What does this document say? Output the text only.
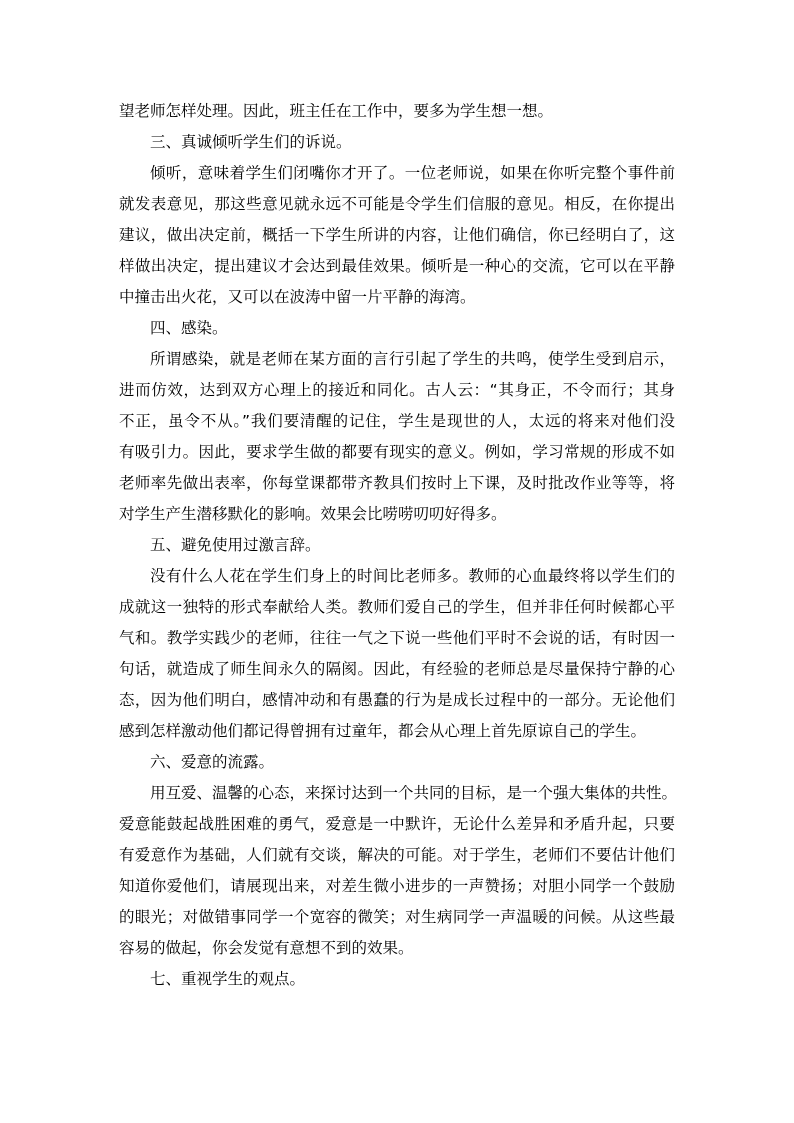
望老师怎样处理。因此，班主任在工作中，要多为学生想一想。
三、真诚倾听学生们的诉说。
倾听，意味着学生们闭嘴你才开了。一位老师说，如果在你听完整个事件前
就发表意见，那这些意见就永远不可能是令学生们信服的意见。相反，在你提出
建议，做出决定前，概括一下学生所讲的内容，让他们确信，你已经明白了，这
样做出决定，提出建议才会达到最佳效果。倾听是一种心的交流，它可以在平静
中撞击出火花，又可以在波涛中留一片平静的海湾。
四、感染。
所谓感染，就是老师在某方面的言行引起了学生的共鸣，使学生受到启示，
进而仿效，达到双方心理上的接近和同化。古人云：“其身正，不令而行；其身
不正，虽令不从。”我们要清醒的记住，学生是现世的人，太远的将来对他们没
有吸引力。因此，要求学生做的都要有现实的意义。例如，学习常规的形成不如
老师率先做出表率，你每堂课都带齐教具们按时上下课，及时批改作业等等，将
对学生产生潜移默化的影响。效果会比唠唠叨叨好得多。
五、避免使用过激言辞。
没有什么人花在学生们身上的时间比老师多。教师的心血最终将以学生们的
成就这一独特的形式奉献给人类。教师们爱自己的学生，但并非任何时候都心平
气和。教学实践少的老师，往往一气之下说一些他们平时不会说的话，有时因一
句话，就造成了师生间永久的隔阂。因此，有经验的老师总是尽量保持宁静的心
态，因为他们明白，感情冲动和有愚蠢的行为是成长过程中的一部分。无论他们
感到怎样激动他们都记得曾拥有过童年，都会从心理上首先原谅自己的学生。
六、爱意的流露。
用互爱、温馨的心态，来探讨达到一个共同的目标，是一个强大集体的共性。
爱意能鼓起战胜困难的勇气，爱意是一中默许，无论什么差异和矛盾升起，只要
有爱意作为基础，人们就有交谈，解决的可能。对于学生，老师们不要估计他们
知道你爱他们，请展现出来，对差生微小进步的一声赞扬；对胆小同学一个鼓励
的眼光；对做错事同学一个宽容的微笑；对生病同学一声温暖的问候。从这些最
容易的做起，你会发觉有意想不到的效果。
七、重视学生的观点。
